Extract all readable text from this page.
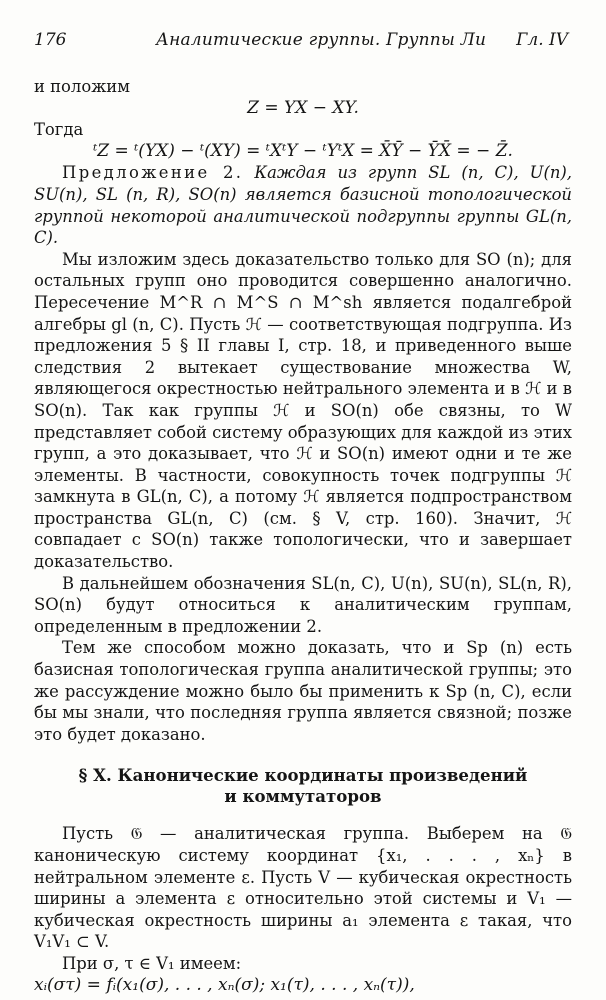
176	Аналитические группы. Группы Ли Гл. IV

и положим

Z = YX − XY.

Тогда

ᵗZ = ᵗ(YX) − ᵗ(XY) = ᵗXᵗY − ᵗYᵗX = X̄Ȳ − ȲX̄ = − Z̄.

Предложение 2. Каждая из групп SL (n, C), U(n), SU(n), SL (n, R), SO(n) является базисной топологической группой некоторой аналитической подгруппы группы GL(n, C).

Мы изложим здесь доказательство только для SO (n); для остальных групп оно проводится совершенно аналогично. Пересечение M^R ∩ M^S ∩ M^sh является подалгеброй алгебры gl (n, C). Пусть ℋ — соответствующая подгруппа. Из предложения 5 § II главы I, стр. 18, и приведенного выше следствия 2 вытекает существование множества W, являющегося окрестностью нейтрального элемента и в ℋ и в SO(n). Так как группы ℋ и SO(n) обе связны, то W представляет собой систему образующих для каждой из этих групп, а это доказывает, что ℋ и SO(n) имеют одни и те же элементы. В частности, совокупность точек подгруппы ℋ замкнута в GL(n, C), а потому ℋ является подпространством пространства GL(n, C) (см. § V, стр. 160). Значит, ℋ совпадает с SO(n) также топологически, что и завершает доказательство.

В дальнейшем обозначения SL(n, C), U(n), SU(n), SL(n, R), SO(n) будут относиться к аналитическим группам, определенным в предложении 2.

Тем же способом можно доказать, что и Sp (n) есть базисная топологическая группа аналитической группы; это же рассуждение можно было бы применить к Sp (n, C), если бы мы знали, что последняя группа является связной; позже это будет доказано.

§ X. Канонические координаты произведений
и коммутаторов

Пусть 𝔊 — аналитическая группа. Выберем на 𝔊 каноническую систему координат {x₁, . . . , xₙ} в нейтральном элементе ε. Пусть V — кубическая окрестность ширины a элемента ε относительно этой системы и V₁ — кубическая окрестность ширины a₁ элемента ε такая, что V₁V₁ ⊂ V.

При σ, τ ∈ V₁ имеем:

xᵢ(στ) = fᵢ(x₁(σ), . . . , xₙ(σ); x₁(τ), . . . , xₙ(τ)),
